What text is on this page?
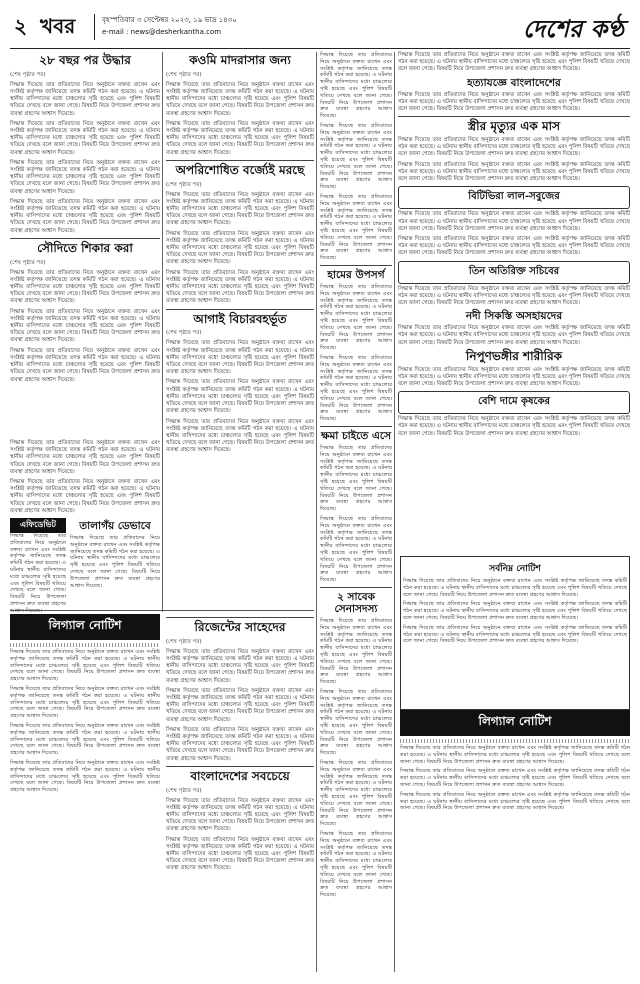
২ খবর	বৃহস্পতিবার ৩ সেপ্টেম্বর ২০২৩, ১৯ ভাদ্র ১৪৩০
e-mail : news@desherkantha.com	দেশের কণ্ঠ
২৮ বছর পর উদ্ধার
(শেষ পৃষ্ঠার পর)
সিদ্ধান্ত দিয়েছে তার প্রতিবাদের নিয়ে অনুষ্ঠানে বক্তব্য রাখেন এবং সংশ্লিষ্ট কর্তৃপক্ষ জানিয়েছে তদন্ত কমিটি গঠন করা হয়েছে। এ ঘটনায় স্থানীয় বাসিন্দাদের মধ্যে চাঞ্চল্যের সৃষ্টি হয়েছে এবং পুলিশ বিষয়টি খতিয়ে দেখছে বলে জানা গেছে। বিষয়টি নিয়ে উপজেলা প্রশাসন দ্রুত ব্যবস্থা গ্রহণের আশ্বাস দিয়েছে।
সিদ্ধান্ত দিয়েছে তার প্রতিবাদের নিয়ে অনুষ্ঠানে বক্তব্য রাখেন এবং সংশ্লিষ্ট কর্তৃপক্ষ জানিয়েছে তদন্ত কমিটি গঠন করা হয়েছে। এ ঘটনায় স্থানীয় বাসিন্দাদের মধ্যে চাঞ্চল্যের সৃষ্টি হয়েছে এবং পুলিশ বিষয়টি খতিয়ে দেখছে বলে জানা গেছে। বিষয়টি নিয়ে উপজেলা প্রশাসন দ্রুত ব্যবস্থা গ্রহণের আশ্বাস দিয়েছে।
সিদ্ধান্ত দিয়েছে তার প্রতিবাদের নিয়ে অনুষ্ঠানে বক্তব্য রাখেন এবং সংশ্লিষ্ট কর্তৃপক্ষ জানিয়েছে তদন্ত কমিটি গঠন করা হয়েছে। এ ঘটনায় স্থানীয় বাসিন্দাদের মধ্যে চাঞ্চল্যের সৃষ্টি হয়েছে এবং পুলিশ বিষয়টি খতিয়ে দেখছে বলে জানা গেছে। বিষয়টি নিয়ে উপজেলা প্রশাসন দ্রুত ব্যবস্থা গ্রহণের আশ্বাস দিয়েছে।
সিদ্ধান্ত দিয়েছে তার প্রতিবাদের নিয়ে অনুষ্ঠানে বক্তব্য রাখেন এবং সংশ্লিষ্ট কর্তৃপক্ষ জানিয়েছে তদন্ত কমিটি গঠন করা হয়েছে। এ ঘটনায় স্থানীয় বাসিন্দাদের মধ্যে চাঞ্চল্যের সৃষ্টি হয়েছে এবং পুলিশ বিষয়টি খতিয়ে দেখছে বলে জানা গেছে। বিষয়টি নিয়ে উপজেলা প্রশাসন দ্রুত ব্যবস্থা গ্রহণের আশ্বাস দিয়েছে।
সৌদিতে শিকার করা
(শেষ পৃষ্ঠার পর)
সিদ্ধান্ত দিয়েছে তার প্রতিবাদের নিয়ে অনুষ্ঠানে বক্তব্য রাখেন এবং সংশ্লিষ্ট কর্তৃপক্ষ জানিয়েছে তদন্ত কমিটি গঠন করা হয়েছে। এ ঘটনায় স্থানীয় বাসিন্দাদের মধ্যে চাঞ্চল্যের সৃষ্টি হয়েছে এবং পুলিশ বিষয়টি খতিয়ে দেখছে বলে জানা গেছে। বিষয়টি নিয়ে উপজেলা প্রশাসন দ্রুত ব্যবস্থা গ্রহণের আশ্বাস দিয়েছে।
সিদ্ধান্ত দিয়েছে তার প্রতিবাদের নিয়ে অনুষ্ঠানে বক্তব্য রাখেন এবং সংশ্লিষ্ট কর্তৃপক্ষ জানিয়েছে তদন্ত কমিটি গঠন করা হয়েছে। এ ঘটনায় স্থানীয় বাসিন্দাদের মধ্যে চাঞ্চল্যের সৃষ্টি হয়েছে এবং পুলিশ বিষয়টি খতিয়ে দেখছে বলে জানা গেছে। বিষয়টি নিয়ে উপজেলা প্রশাসন দ্রুত ব্যবস্থা গ্রহণের আশ্বাস দিয়েছে।
সিদ্ধান্ত দিয়েছে তার প্রতিবাদের নিয়ে অনুষ্ঠানে বক্তব্য রাখেন এবং সংশ্লিষ্ট কর্তৃপক্ষ জানিয়েছে তদন্ত কমিটি গঠন করা হয়েছে। এ ঘটনায় স্থানীয় বাসিন্দাদের মধ্যে চাঞ্চল্যের সৃষ্টি হয়েছে এবং পুলিশ বিষয়টি খতিয়ে দেখছে বলে জানা গেছে। বিষয়টি নিয়ে উপজেলা প্রশাসন দ্রুত ব্যবস্থা গ্রহণের আশ্বাস দিয়েছে।
সিদ্ধান্ত দিয়েছে তার প্রতিবাদের নিয়ে অনুষ্ঠানে বক্তব্য রাখেন এবং সংশ্লিষ্ট কর্তৃপক্ষ জানিয়েছে তদন্ত কমিটি গঠন করা হয়েছে। এ ঘটনায় স্থানীয় বাসিন্দাদের মধ্যে চাঞ্চল্যের সৃষ্টি হয়েছে এবং পুলিশ বিষয়টি খতিয়ে দেখছে বলে জানা গেছে। বিষয়টি নিয়ে উপজেলা প্রশাসন দ্রুত ব্যবস্থা গ্রহণের আশ্বাস দিয়েছে।
সিদ্ধান্ত দিয়েছে তার প্রতিবাদের নিয়ে অনুষ্ঠানে বক্তব্য রাখেন এবং সংশ্লিষ্ট কর্তৃপক্ষ জানিয়েছে তদন্ত কমিটি গঠন করা হয়েছে। এ ঘটনায় স্থানীয় বাসিন্দাদের মধ্যে চাঞ্চল্যের সৃষ্টি হয়েছে এবং পুলিশ বিষয়টি খতিয়ে দেখছে বলে জানা গেছে। বিষয়টি নিয়ে উপজেলা প্রশাসন দ্রুত ব্যবস্থা গ্রহণের আশ্বাস দিয়েছে।
এফিডেভিট
সিদ্ধান্ত দিয়েছে তার প্রতিবাদের নিয়ে অনুষ্ঠানে বক্তব্য রাখেন এবং সংশ্লিষ্ট কর্তৃপক্ষ জানিয়েছে তদন্ত কমিটি গঠন করা হয়েছে। এ ঘটনায় স্থানীয় বাসিন্দাদের মধ্যে চাঞ্চল্যের সৃষ্টি হয়েছে এবং পুলিশ বিষয়টি খতিয়ে দেখছে বলে জানা গেছে। বিষয়টি নিয়ে উপজেলা প্রশাসন দ্রুত ব্যবস্থা গ্রহণের
তালাগঁয় ডেভাবে
সিদ্ধান্ত দিয়েছে তার প্রতিবাদের নিয়ে অনুষ্ঠানে বক্তব্য রাখেন এবং সংশ্লিষ্ট কর্তৃপক্ষ জানিয়েছে তদন্ত কমিটি গঠন করা হয়েছে। এ ঘটনায় স্থানীয় বাসিন্দাদের মধ্যে চাঞ্চল্যের সৃষ্টি হয়েছে এবং পুলিশ বিষয়টি খতিয়ে দেখছে বলে জানা গেছে। বিষয়টি নিয়ে উপজেলা প্রশাসন দ্রুত ব্যবস্থা গ্রহণের আশ্বাস দিয়েছে।
কওমি মাদরাসার জন্য
(শেষ পৃষ্ঠার পর)
সিদ্ধান্ত দিয়েছে তার প্রতিবাদের নিয়ে অনুষ্ঠানে বক্তব্য রাখেন এবং সংশ্লিষ্ট কর্তৃপক্ষ জানিয়েছে তদন্ত কমিটি গঠন করা হয়েছে। এ ঘটনায় স্থানীয় বাসিন্দাদের মধ্যে চাঞ্চল্যের সৃষ্টি হয়েছে এবং পুলিশ বিষয়টি খতিয়ে দেখছে বলে জানা গেছে। বিষয়টি নিয়ে উপজেলা প্রশাসন দ্রুত ব্যবস্থা গ্রহণের আশ্বাস দিয়েছে।
সিদ্ধান্ত দিয়েছে তার প্রতিবাদের নিয়ে অনুষ্ঠানে বক্তব্য রাখেন এবং সংশ্লিষ্ট কর্তৃপক্ষ জানিয়েছে তদন্ত কমিটি গঠন করা হয়েছে। এ ঘটনায় স্থানীয় বাসিন্দাদের মধ্যে চাঞ্চল্যের সৃষ্টি হয়েছে এবং পুলিশ বিষয়টি খতিয়ে দেখছে বলে জানা গেছে। বিষয়টি নিয়ে উপজেলা প্রশাসন দ্রুত ব্যবস্থা গ্রহণের আশ্বাস দিয়েছে।
অপরিশোধিত বর্জ্যেই মরছে
(শেষ পৃষ্ঠার পর)
সিদ্ধান্ত দিয়েছে তার প্রতিবাদের নিয়ে অনুষ্ঠানে বক্তব্য রাখেন এবং সংশ্লিষ্ট কর্তৃপক্ষ জানিয়েছে তদন্ত কমিটি গঠন করা হয়েছে। এ ঘটনায় স্থানীয় বাসিন্দাদের মধ্যে চাঞ্চল্যের সৃষ্টি হয়েছে এবং পুলিশ বিষয়টি খতিয়ে দেখছে বলে জানা গেছে। বিষয়টি নিয়ে উপজেলা প্রশাসন দ্রুত ব্যবস্থা গ্রহণের আশ্বাস দিয়েছে।
সিদ্ধান্ত দিয়েছে তার প্রতিবাদের নিয়ে অনুষ্ঠানে বক্তব্য রাখেন এবং সংশ্লিষ্ট কর্তৃপক্ষ জানিয়েছে তদন্ত কমিটি গঠন করা হয়েছে। এ ঘটনায় স্থানীয় বাসিন্দাদের মধ্যে চাঞ্চল্যের সৃষ্টি হয়েছে এবং পুলিশ বিষয়টি খতিয়ে দেখছে বলে জানা গেছে। বিষয়টি নিয়ে উপজেলা প্রশাসন দ্রুত ব্যবস্থা গ্রহণের আশ্বাস দিয়েছে।
সিদ্ধান্ত দিয়েছে তার প্রতিবাদের নিয়ে অনুষ্ঠানে বক্তব্য রাখেন এবং সংশ্লিষ্ট কর্তৃপক্ষ জানিয়েছে তদন্ত কমিটি গঠন করা হয়েছে। এ ঘটনায় স্থানীয় বাসিন্দাদের মধ্যে চাঞ্চল্যের সৃষ্টি হয়েছে এবং পুলিশ বিষয়টি খতিয়ে দেখছে বলে জানা গেছে। বিষয়টি নিয়ে উপজেলা প্রশাসন দ্রুত ব্যবস্থা গ্রহণের আশ্বাস দিয়েছে।
আগাই বিচারবহর্ভূত
(শেষ পৃষ্ঠার পর)
সিদ্ধান্ত দিয়েছে তার প্রতিবাদের নিয়ে অনুষ্ঠানে বক্তব্য রাখেন এবং সংশ্লিষ্ট কর্তৃপক্ষ জানিয়েছে তদন্ত কমিটি গঠন করা হয়েছে। এ ঘটনায় স্থানীয় বাসিন্দাদের মধ্যে চাঞ্চল্যের সৃষ্টি হয়েছে এবং পুলিশ বিষয়টি খতিয়ে দেখছে বলে জানা গেছে। বিষয়টি নিয়ে উপজেলা প্রশাসন দ্রুত ব্যবস্থা গ্রহণের আশ্বাস দিয়েছে।
সিদ্ধান্ত দিয়েছে তার প্রতিবাদের নিয়ে অনুষ্ঠানে বক্তব্য রাখেন এবং সংশ্লিষ্ট কর্তৃপক্ষ জানিয়েছে তদন্ত কমিটি গঠন করা হয়েছে। এ ঘটনায় স্থানীয় বাসিন্দাদের মধ্যে চাঞ্চল্যের সৃষ্টি হয়েছে এবং পুলিশ বিষয়টি খতিয়ে দেখছে বলে জানা গেছে। বিষয়টি নিয়ে উপজেলা প্রশাসন দ্রুত ব্যবস্থা গ্রহণের আশ্বাস দিয়েছে।
সিদ্ধান্ত দিয়েছে তার প্রতিবাদের নিয়ে অনুষ্ঠানে বক্তব্য রাখেন এবং সংশ্লিষ্ট কর্তৃপক্ষ জানিয়েছে তদন্ত কমিটি গঠন করা হয়েছে। এ ঘটনায় স্থানীয় বাসিন্দাদের মধ্যে চাঞ্চল্যের সৃষ্টি হয়েছে এবং পুলিশ বিষয়টি খতিয়ে দেখছে বলে জানা গেছে। বিষয়টি নিয়ে উপজেলা প্রশাসন দ্রুত ব্যবস্থা গ্রহণের আশ্বাস দিয়েছে।
রিজেন্টের সাহেদের
(শেষ পৃষ্ঠার পর)
সিদ্ধান্ত দিয়েছে তার প্রতিবাদের নিয়ে অনুষ্ঠানে বক্তব্য রাখেন এবং সংশ্লিষ্ট কর্তৃপক্ষ জানিয়েছে তদন্ত কমিটি গঠন করা হয়েছে। এ ঘটনায় স্থানীয় বাসিন্দাদের মধ্যে চাঞ্চল্যের সৃষ্টি হয়েছে এবং পুলিশ বিষয়টি খতিয়ে দেখছে বলে জানা গেছে। বিষয়টি নিয়ে উপজেলা প্রশাসন দ্রুত ব্যবস্থা গ্রহণের আশ্বাস দিয়েছে।
সিদ্ধান্ত দিয়েছে তার প্রতিবাদের নিয়ে অনুষ্ঠানে বক্তব্য রাখেন এবং সংশ্লিষ্ট কর্তৃপক্ষ জানিয়েছে তদন্ত কমিটি গঠন করা হয়েছে। এ ঘটনায় স্থানীয় বাসিন্দাদের মধ্যে চাঞ্চল্যের সৃষ্টি হয়েছে এবং পুলিশ বিষয়টি খতিয়ে দেখছে বলে জানা গেছে। বিষয়টি নিয়ে উপজেলা প্রশাসন দ্রুত ব্যবস্থা গ্রহণের আশ্বাস দিয়েছে।
সিদ্ধান্ত দিয়েছে তার প্রতিবাদের নিয়ে অনুষ্ঠানে বক্তব্য রাখেন এবং সংশ্লিষ্ট কর্তৃপক্ষ জানিয়েছে তদন্ত কমিটি গঠন করা হয়েছে। এ ঘটনায় স্থানীয় বাসিন্দাদের মধ্যে চাঞ্চল্যের সৃষ্টি হয়েছে এবং পুলিশ বিষয়টি খতিয়ে দেখছে বলে জানা গেছে। বিষয়টি নিয়ে উপজেলা প্রশাসন দ্রুত ব্যবস্থা গ্রহণের আশ্বাস দিয়েছে।
বাংলাদেশের সবচেয়ে
(শেষ পৃষ্ঠার পর)
সিদ্ধান্ত দিয়েছে তার প্রতিবাদের নিয়ে অনুষ্ঠানে বক্তব্য রাখেন এবং সংশ্লিষ্ট কর্তৃপক্ষ জানিয়েছে তদন্ত কমিটি গঠন করা হয়েছে। এ ঘটনায় স্থানীয় বাসিন্দাদের মধ্যে চাঞ্চল্যের সৃষ্টি হয়েছে এবং পুলিশ বিষয়টি খতিয়ে দেখছে বলে জানা গেছে। বিষয়টি নিয়ে উপজেলা প্রশাসন দ্রুত ব্যবস্থা গ্রহণের আশ্বাস দিয়েছে।
সিদ্ধান্ত দিয়েছে তার প্রতিবাদের নিয়ে অনুষ্ঠানে বক্তব্য রাখেন এবং সংশ্লিষ্ট কর্তৃপক্ষ জানিয়েছে তদন্ত কমিটি গঠন করা হয়েছে। এ ঘটনায় স্থানীয় বাসিন্দাদের মধ্যে চাঞ্চল্যের সৃষ্টি হয়েছে এবং পুলিশ বিষয়টি খতিয়ে দেখছে বলে জানা গেছে। বিষয়টি নিয়ে উপজেলা প্রশাসন দ্রুত ব্যবস্থা গ্রহণের আশ্বাস দিয়েছে।
সিদ্ধান্ত দিয়েছে তার প্রতিবাদের নিয়ে অনুষ্ঠানে বক্তব্য রাখেন এবং সংশ্লিষ্ট কর্তৃপক্ষ জানিয়েছে তদন্ত কমিটি গঠন করা হয়েছে। এ ঘটনায় স্থানীয় বাসিন্দাদের মধ্যে চাঞ্চল্যের সৃষ্টি হয়েছে এবং পুলিশ বিষয়টি খতিয়ে দেখছে বলে জানা গেছে। বিষয়টি নিয়ে উপজেলা প্রশাসন দ্রুত ব্যবস্থা গ্রহণের আশ্বাস দিয়েছে।
সিদ্ধান্ত দিয়েছে তার প্রতিবাদের নিয়ে অনুষ্ঠানে বক্তব্য রাখেন এবং সংশ্লিষ্ট কর্তৃপক্ষ জানিয়েছে তদন্ত কমিটি গঠন করা হয়েছে। এ ঘটনায় স্থানীয় বাসিন্দাদের মধ্যে চাঞ্চল্যের সৃষ্টি হয়েছে এবং পুলিশ বিষয়টি খতিয়ে দেখছে বলে জানা গেছে। বিষয়টি নিয়ে উপজেলা প্রশাসন দ্রুত ব্যবস্থা গ্রহণের আশ্বাস দিয়েছে।
সিদ্ধান্ত দিয়েছে তার প্রতিবাদের নিয়ে অনুষ্ঠানে বক্তব্য রাখেন এবং সংশ্লিষ্ট কর্তৃপক্ষ জানিয়েছে তদন্ত কমিটি গঠন করা হয়েছে। এ ঘটনায় স্থানীয় বাসিন্দাদের মধ্যে চাঞ্চল্যের সৃষ্টি হয়েছে এবং পুলিশ বিষয়টি খতিয়ে দেখছে বলে জানা গেছে। বিষয়টি নিয়ে উপজেলা প্রশাসন দ্রুত ব্যবস্থা গ্রহণের আশ্বাস দিয়েছে।
হামের উপসর্গ
সিদ্ধান্ত দিয়েছে তার প্রতিবাদের নিয়ে অনুষ্ঠানে বক্তব্য রাখেন এবং সংশ্লিষ্ট কর্তৃপক্ষ জানিয়েছে তদন্ত কমিটি গঠন করা হয়েছে। এ ঘটনায় স্থানীয় বাসিন্দাদের মধ্যে চাঞ্চল্যের সৃষ্টি হয়েছে এবং পুলিশ বিষয়টি খতিয়ে দেখছে বলে জানা গেছে। বিষয়টি নিয়ে উপজেলা প্রশাসন দ্রুত ব্যবস্থা গ্রহণের আশ্বাস দিয়েছে।
সিদ্ধান্ত দিয়েছে তার প্রতিবাদের নিয়ে অনুষ্ঠানে বক্তব্য রাখেন এবং সংশ্লিষ্ট কর্তৃপক্ষ জানিয়েছে তদন্ত কমিটি গঠন করা হয়েছে। এ ঘটনায় স্থানীয় বাসিন্দাদের মধ্যে চাঞ্চল্যের সৃষ্টি হয়েছে এবং পুলিশ বিষয়টি খতিয়ে দেখছে বলে জানা গেছে। বিষয়টি নিয়ে উপজেলা প্রশাসন দ্রুত ব্যবস্থা গ্রহণের আশ্বাস দিয়েছে।
ক্ষমা চাইতে এসে
সিদ্ধান্ত দিয়েছে তার প্রতিবাদের নিয়ে অনুষ্ঠানে বক্তব্য রাখেন এবং সংশ্লিষ্ট কর্তৃপক্ষ জানিয়েছে তদন্ত কমিটি গঠন করা হয়েছে। এ ঘটনায় স্থানীয় বাসিন্দাদের মধ্যে চাঞ্চল্যের সৃষ্টি হয়েছে এবং পুলিশ বিষয়টি খতিয়ে দেখছে বলে জানা গেছে। বিষয়টি নিয়ে উপজেলা প্রশাসন দ্রুত ব্যবস্থা গ্রহণের আশ্বাস দিয়েছে।
সিদ্ধান্ত দিয়েছে তার প্রতিবাদের নিয়ে অনুষ্ঠানে বক্তব্য রাখেন এবং সংশ্লিষ্ট কর্তৃপক্ষ জানিয়েছে তদন্ত কমিটি গঠন করা হয়েছে। এ ঘটনায় স্থানীয় বাসিন্দাদের মধ্যে চাঞ্চল্যের সৃষ্টি হয়েছে এবং পুলিশ বিষয়টি খতিয়ে দেখছে বলে জানা গেছে। বিষয়টি নিয়ে উপজেলা প্রশাসন দ্রুত ব্যবস্থা গ্রহণের আশ্বাস দিয়েছে।
২ সাবেক সেনাসদস্য
সিদ্ধান্ত দিয়েছে তার প্রতিবাদের নিয়ে অনুষ্ঠানে বক্তব্য রাখেন এবং সংশ্লিষ্ট কর্তৃপক্ষ জানিয়েছে তদন্ত কমিটি গঠন করা হয়েছে। এ ঘটনায় স্থানীয় বাসিন্দাদের মধ্যে চাঞ্চল্যের সৃষ্টি হয়েছে এবং পুলিশ বিষয়টি খতিয়ে দেখছে বলে জানা গেছে। বিষয়টি নিয়ে উপজেলা প্রশাসন দ্রুত ব্যবস্থা গ্রহণের আশ্বাস দিয়েছে।
সিদ্ধান্ত দিয়েছে তার প্রতিবাদের নিয়ে অনুষ্ঠানে বক্তব্য রাখেন এবং সংশ্লিষ্ট কর্তৃপক্ষ জানিয়েছে তদন্ত কমিটি গঠন করা হয়েছে। এ ঘটনায় স্থানীয় বাসিন্দাদের মধ্যে চাঞ্চল্যের সৃষ্টি হয়েছে এবং পুলিশ বিষয়টি খতিয়ে দেখছে বলে জানা গেছে। বিষয়টি নিয়ে উপজেলা প্রশাসন দ্রুত ব্যবস্থা গ্রহণের আশ্বাস দিয়েছে।
সিদ্ধান্ত দিয়েছে তার প্রতিবাদের নিয়ে অনুষ্ঠানে বক্তব্য রাখেন এবং সংশ্লিষ্ট কর্তৃপক্ষ জানিয়েছে তদন্ত কমিটি গঠন করা হয়েছে। এ ঘটনায় স্থানীয় বাসিন্দাদের মধ্যে চাঞ্চল্যের সৃষ্টি হয়েছে এবং পুলিশ বিষয়টি খতিয়ে দেখছে বলে জানা গেছে। বিষয়টি নিয়ে উপজেলা প্রশাসন দ্রুত ব্যবস্থা গ্রহণের আশ্বাস দিয়েছে।
সিদ্ধান্ত দিয়েছে তার প্রতিবাদের নিয়ে অনুষ্ঠানে বক্তব্য রাখেন এবং সংশ্লিষ্ট কর্তৃপক্ষ জানিয়েছে তদন্ত কমিটি গঠন করা হয়েছে। এ ঘটনায় স্থানীয় বাসিন্দাদের মধ্যে চাঞ্চল্যের সৃষ্টি হয়েছে এবং পুলিশ বিষয়টি খতিয়ে দেখছে বলে জানা গেছে। বিষয়টি নিয়ে উপজেলা প্রশাসন দ্রুত ব্যবস্থা গ্রহণের আশ্বাস দিয়েছে।
সিদ্ধান্ত দিয়েছে তার প্রতিবাদের নিয়ে অনুষ্ঠানে বক্তব্য রাখেন এবং সংশ্লিষ্ট কর্তৃপক্ষ জানিয়েছে তদন্ত কমিটি গঠন করা হয়েছে। এ ঘটনায় স্থানীয় বাসিন্দাদের মধ্যে চাঞ্চল্যের সৃষ্টি হয়েছে এবং পুলিশ বিষয়টি খতিয়ে দেখছে বলে জানা গেছে। বিষয়টি নিয়ে উপজেলা প্রশাসন দ্রুত ব্যবস্থা গ্রহণের আশ্বাস দিয়েছে।
হত্যাযজ্ঞে বাংলাদেশের
সিদ্ধান্ত দিয়েছে তার প্রতিবাদের নিয়ে অনুষ্ঠানে বক্তব্য রাখেন এবং সংশ্লিষ্ট কর্তৃপক্ষ জানিয়েছে তদন্ত কমিটি গঠন করা হয়েছে। এ ঘটনায় স্থানীয় বাসিন্দাদের মধ্যে চাঞ্চল্যের সৃষ্টি হয়েছে এবং পুলিশ বিষয়টি খতিয়ে দেখছে বলে জানা গেছে। বিষয়টি নিয়ে উপজেলা প্রশাসন দ্রুত ব্যবস্থা গ্রহণের আশ্বাস দিয়েছে।
স্ত্রীর মৃত্যুর এক মাস
সিদ্ধান্ত দিয়েছে তার প্রতিবাদের নিয়ে অনুষ্ঠানে বক্তব্য রাখেন এবং সংশ্লিষ্ট কর্তৃপক্ষ জানিয়েছে তদন্ত কমিটি গঠন করা হয়েছে। এ ঘটনায় স্থানীয় বাসিন্দাদের মধ্যে চাঞ্চল্যের সৃষ্টি হয়েছে এবং পুলিশ বিষয়টি খতিয়ে দেখছে বলে জানা গেছে। বিষয়টি নিয়ে উপজেলা প্রশাসন দ্রুত ব্যবস্থা গ্রহণের আশ্বাস দিয়েছে।
সিদ্ধান্ত দিয়েছে তার প্রতিবাদের নিয়ে অনুষ্ঠানে বক্তব্য রাখেন এবং সংশ্লিষ্ট কর্তৃপক্ষ জানিয়েছে তদন্ত কমিটি গঠন করা হয়েছে। এ ঘটনায় স্থানীয় বাসিন্দাদের মধ্যে চাঞ্চল্যের সৃষ্টি হয়েছে এবং পুলিশ বিষয়টি খতিয়ে দেখছে বলে জানা গেছে। বিষয়টি নিয়ে উপজেলা প্রশাসন দ্রুত ব্যবস্থা গ্রহণের আশ্বাস দিয়েছে।
বিটিভিরা লাল-সবুজের
সিদ্ধান্ত দিয়েছে তার প্রতিবাদের নিয়ে অনুষ্ঠানে বক্তব্য রাখেন এবং সংশ্লিষ্ট কর্তৃপক্ষ জানিয়েছে তদন্ত কমিটি গঠন করা হয়েছে। এ ঘটনায় স্থানীয় বাসিন্দাদের মধ্যে চাঞ্চল্যের সৃষ্টি হয়েছে এবং পুলিশ বিষয়টি খতিয়ে দেখছে বলে জানা গেছে। বিষয়টি নিয়ে উপজেলা প্রশাসন দ্রুত ব্যবস্থা গ্রহণের আশ্বাস দিয়েছে।
সিদ্ধান্ত দিয়েছে তার প্রতিবাদের নিয়ে অনুষ্ঠানে বক্তব্য রাখেন এবং সংশ্লিষ্ট কর্তৃপক্ষ জানিয়েছে তদন্ত কমিটি গঠন করা হয়েছে। এ ঘটনায় স্থানীয় বাসিন্দাদের মধ্যে চাঞ্চল্যের সৃষ্টি হয়েছে এবং পুলিশ বিষয়টি খতিয়ে দেখছে বলে জানা গেছে। বিষয়টি নিয়ে উপজেলা প্রশাসন দ্রুত ব্যবস্থা গ্রহণের আশ্বাস দিয়েছে।
তিন অতিরিক্ত সচিবের
সিদ্ধান্ত দিয়েছে তার প্রতিবাদের নিয়ে অনুষ্ঠানে বক্তব্য রাখেন এবং সংশ্লিষ্ট কর্তৃপক্ষ জানিয়েছে তদন্ত কমিটি গঠন করা হয়েছে। এ ঘটনায় স্থানীয় বাসিন্দাদের মধ্যে চাঞ্চল্যের সৃষ্টি হয়েছে এবং পুলিশ বিষয়টি খতিয়ে দেখছে বলে জানা গেছে। বিষয়টি নিয়ে উপজেলা প্রশাসন দ্রুত ব্যবস্থা গ্রহণের আশ্বাস দিয়েছে।
নদী সিকস্তি অসহায়দের
সিদ্ধান্ত দিয়েছে তার প্রতিবাদের নিয়ে অনুষ্ঠানে বক্তব্য রাখেন এবং সংশ্লিষ্ট কর্তৃপক্ষ জানিয়েছে তদন্ত কমিটি গঠন করা হয়েছে। এ ঘটনায় স্থানীয় বাসিন্দাদের মধ্যে চাঞ্চল্যের সৃষ্টি হয়েছে এবং পুলিশ বিষয়টি খতিয়ে দেখছে বলে জানা গেছে। বিষয়টি নিয়ে উপজেলা প্রশাসন দ্রুত ব্যবস্থা গ্রহণের আশ্বাস দিয়েছে।
নিপুণভঙ্গীর শারীরিক
সিদ্ধান্ত দিয়েছে তার প্রতিবাদের নিয়ে অনুষ্ঠানে বক্তব্য রাখেন এবং সংশ্লিষ্ট কর্তৃপক্ষ জানিয়েছে তদন্ত কমিটি গঠন করা হয়েছে। এ ঘটনায় স্থানীয় বাসিন্দাদের মধ্যে চাঞ্চল্যের সৃষ্টি হয়েছে এবং পুলিশ বিষয়টি খতিয়ে দেখছে বলে জানা গেছে। বিষয়টি নিয়ে উপজেলা প্রশাসন দ্রুত ব্যবস্থা গ্রহণের আশ্বাস দিয়েছে।
বেশি দামে কৃষকের
সিদ্ধান্ত দিয়েছে তার প্রতিবাদের নিয়ে অনুষ্ঠানে বক্তব্য রাখেন এবং সংশ্লিষ্ট কর্তৃপক্ষ জানিয়েছে তদন্ত কমিটি গঠন করা হয়েছে। এ ঘটনায় স্থানীয় বাসিন্দাদের মধ্যে চাঞ্চল্যের সৃষ্টি হয়েছে এবং পুলিশ বিষয়টি খতিয়ে দেখছে বলে জানা গেছে। বিষয়টি নিয়ে উপজেলা প্রশাসন দ্রুত ব্যবস্থা গ্রহণের আশ্বাস দিয়েছে।
সর্বনিম্ন নোটিশ
সিদ্ধান্ত দিয়েছে তার প্রতিবাদের নিয়ে অনুষ্ঠানে বক্তব্য রাখেন এবং সংশ্লিষ্ট কর্তৃপক্ষ জানিয়েছে তদন্ত কমিটি গঠন করা হয়েছে। এ ঘটনায় স্থানীয় বাসিন্দাদের মধ্যে চাঞ্চল্যের সৃষ্টি হয়েছে এবং পুলিশ বিষয়টি খতিয়ে দেখছে বলে জানা গেছে। বিষয়টি নিয়ে উপজেলা প্রশাসন দ্রুত ব্যবস্থা গ্রহণের আশ্বাস দিয়েছে।
সিদ্ধান্ত দিয়েছে তার প্রতিবাদের নিয়ে অনুষ্ঠানে বক্তব্য রাখেন এবং সংশ্লিষ্ট কর্তৃপক্ষ জানিয়েছে তদন্ত কমিটি গঠন করা হয়েছে। এ ঘটনায় স্থানীয় বাসিন্দাদের মধ্যে চাঞ্চল্যের সৃষ্টি হয়েছে এবং পুলিশ বিষয়টি খতিয়ে দেখছে বলে জানা গেছে। বিষয়টি নিয়ে উপজেলা প্রশাসন দ্রুত ব্যবস্থা গ্রহণের আশ্বাস দিয়েছে।
সিদ্ধান্ত দিয়েছে তার প্রতিবাদের নিয়ে অনুষ্ঠানে বক্তব্য রাখেন এবং সংশ্লিষ্ট কর্তৃপক্ষ জানিয়েছে তদন্ত কমিটি গঠন করা হয়েছে। এ ঘটনায় স্থানীয় বাসিন্দাদের মধ্যে চাঞ্চল্যের সৃষ্টি হয়েছে এবং পুলিশ বিষয়টি খতিয়ে দেখছে বলে জানা গেছে। বিষয়টি নিয়ে উপজেলা প্রশাসন দ্রুত ব্যবস্থা গ্রহণের আশ্বাস দিয়েছে।
লিগ্যাল নোটিশ
সিদ্ধান্ত দিয়েছে তার প্রতিবাদের নিয়ে অনুষ্ঠানে বক্তব্য রাখেন এবং সংশ্লিষ্ট কর্তৃপক্ষ জানিয়েছে তদন্ত কমিটি গঠন করা হয়েছে। এ ঘটনায় স্থানীয় বাসিন্দাদের মধ্যে চাঞ্চল্যের সৃষ্টি হয়েছে এবং পুলিশ বিষয়টি খতিয়ে দেখছে বলে জানা গেছে। বিষয়টি নিয়ে উপজেলা প্রশাসন দ্রুত ব্যবস্থা গ্রহণের আশ্বাস দিয়েছে।
সিদ্ধান্ত দিয়েছে তার প্রতিবাদের নিয়ে অনুষ্ঠানে বক্তব্য রাখেন এবং সংশ্লিষ্ট কর্তৃপক্ষ জানিয়েছে তদন্ত কমিটি গঠন করা হয়েছে। এ ঘটনায় স্থানীয় বাসিন্দাদের মধ্যে চাঞ্চল্যের সৃষ্টি হয়েছে এবং পুলিশ বিষয়টি খতিয়ে দেখছে বলে জানা গেছে। বিষয়টি নিয়ে উপজেলা প্রশাসন দ্রুত ব্যবস্থা গ্রহণের আশ্বাস দিয়েছে।
সিদ্ধান্ত দিয়েছে তার প্রতিবাদের নিয়ে অনুষ্ঠানে বক্তব্য রাখেন এবং সংশ্লিষ্ট কর্তৃপক্ষ জানিয়েছে তদন্ত কমিটি গঠন করা হয়েছে। এ ঘটনায় স্থানীয় বাসিন্দাদের মধ্যে চাঞ্চল্যের সৃষ্টি হয়েছে এবং পুলিশ বিষয়টি খতিয়ে দেখছে বলে জানা গেছে। বিষয়টি নিয়ে উপজেলা প্রশাসন দ্রুত ব্যবস্থা গ্রহণের আশ্বাস দিয়েছে।
সিদ্ধান্ত দিয়েছে তার প্রতিবাদের নিয়ে অনুষ্ঠানে বক্তব্য রাখেন এবং সংশ্লিষ্ট কর্তৃপক্ষ জানিয়েছে তদন্ত কমিটি গঠন করা হয়েছে। এ ঘটনায় স্থানীয় বাসিন্দাদের মধ্যে চাঞ্চল্যের সৃষ্টি হয়েছে এবং পুলিশ বিষয়টি খতিয়ে দেখছে বলে জানা গেছে। বিষয়টি নিয়ে উপজেলা প্রশাসন দ্রুত ব্যবস্থা গ্রহণের আশ্বাস দিয়েছে।
লিগ্যাল নোটিশ
সিদ্ধান্ত দিয়েছে তার প্রতিবাদের নিয়ে অনুষ্ঠানে বক্তব্য রাখেন এবং সংশ্লিষ্ট কর্তৃপক্ষ জানিয়েছে তদন্ত কমিটি গঠন করা হয়েছে। এ ঘটনায় স্থানীয় বাসিন্দাদের মধ্যে চাঞ্চল্যের সৃষ্টি হয়েছে এবং পুলিশ বিষয়টি খতিয়ে দেখছে বলে জানা গেছে। বিষয়টি নিয়ে উপজেলা প্রশাসন দ্রুত ব্যবস্থা গ্রহণের আশ্বাস দিয়েছে।
সিদ্ধান্ত দিয়েছে তার প্রতিবাদের নিয়ে অনুষ্ঠানে বক্তব্য রাখেন এবং সংশ্লিষ্ট কর্তৃপক্ষ জানিয়েছে তদন্ত কমিটি গঠন করা হয়েছে। এ ঘটনায় স্থানীয় বাসিন্দাদের মধ্যে চাঞ্চল্যের সৃষ্টি হয়েছে এবং পুলিশ বিষয়টি খতিয়ে দেখছে বলে জানা গেছে। বিষয়টি নিয়ে উপজেলা প্রশাসন দ্রুত ব্যবস্থা গ্রহণের আশ্বাস দিয়েছে।
সিদ্ধান্ত দিয়েছে তার প্রতিবাদের নিয়ে অনুষ্ঠানে বক্তব্য রাখেন এবং সংশ্লিষ্ট কর্তৃপক্ষ জানিয়েছে তদন্ত কমিটি গঠন করা হয়েছে। এ ঘটনায় স্থানীয় বাসিন্দাদের মধ্যে চাঞ্চল্যের সৃষ্টি হয়েছে এবং পুলিশ বিষয়টি খতিয়ে দেখছে বলে জানা গেছে। বিষয়টি নিয়ে উপজেলা প্রশাসন দ্রুত ব্যবস্থা গ্রহণের আশ্বাস দিয়েছে।
